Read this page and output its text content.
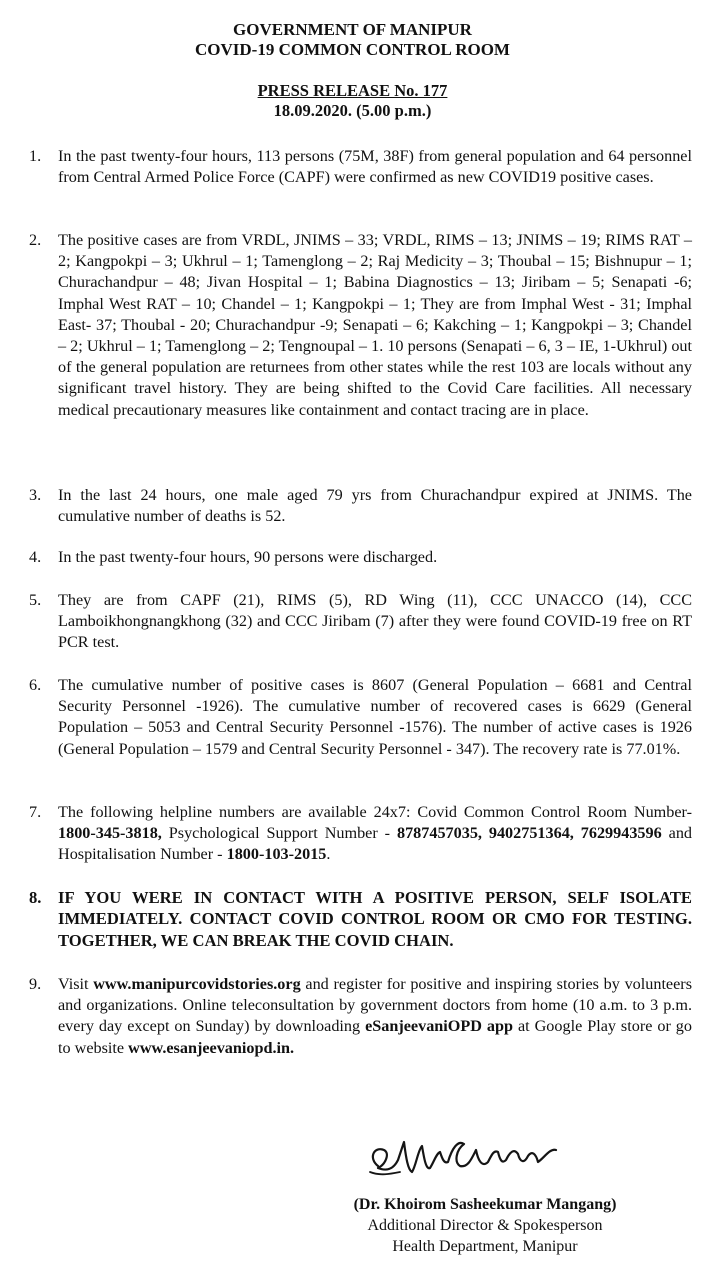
GOVERNMENT OF MANIPUR
COVID-19 COMMON CONTROL ROOM
PRESS RELEASE No. 177
18.09.2020. (5.00 p.m.)
1. In the past twenty-four hours, 113 persons (75M, 38F) from general population and 64 personnel from Central Armed Police Force (CAPF) were confirmed as new COVID19 positive cases.
2. The positive cases are from VRDL, JNIMS – 33; VRDL, RIMS – 13; JNIMS – 19; RIMS RAT – 2; Kangpokpi – 3; Ukhrul – 1; Tamenglong – 2; Raj Medicity – 3; Thoubal – 15; Bishnupur – 1; Churachandpur – 48; Jivan Hospital – 1; Babina Diagnostics – 13; Jiribam – 5; Senapati -6; Imphal West RAT – 10; Chandel – 1; Kangpokpi – 1; They are from Imphal West - 31; Imphal East- 37; Thoubal - 20; Churachandpur -9; Senapati – 6; Kakching – 1; Kangpokpi – 3; Chandel – 2; Ukhrul – 1; Tamenglong – 2; Tengnoupal – 1. 10 persons (Senapati – 6, 3 – IE, 1-Ukhrul) out of the general population are returnees from other states while the rest 103 are locals without any significant travel history. They are being shifted to the Covid Care facilities. All necessary medical precautionary measures like containment and contact tracing are in place.
3. In the last 24 hours, one male aged 79 yrs from Churachandpur expired at JNIMS. The cumulative number of deaths is 52.
4. In the past twenty-four hours, 90 persons were discharged.
5. They are from CAPF (21), RIMS (5), RD Wing (11), CCC UNACCO (14), CCC Lamboikhongnangkhong (32) and CCC Jiribam (7) after they were found COVID-19 free on RT PCR test.
6. The cumulative number of positive cases is 8607 (General Population – 6681 and Central Security Personnel -1926). The cumulative number of recovered cases is 6629 (General Population – 5053 and Central Security Personnel -1576). The number of active cases is 1926 (General Population – 1579 and Central Security Personnel - 347). The recovery rate is 77.01%.
7. The following helpline numbers are available 24x7: Covid Common Control Room Number-1800-345-3818, Psychological Support Number - 8787457035, 9402751364, 7629943596 and Hospitalisation Number - 1800-103-2015.
8. IF YOU WERE IN CONTACT WITH A POSITIVE PERSON, SELF ISOLATE IMMEDIATELY. CONTACT COVID CONTROL ROOM OR CMO FOR TESTING. TOGETHER, WE CAN BREAK THE COVID CHAIN.
9. Visit www.manipurcovidstories.org and register for positive and inspiring stories by volunteers and organizations. Online teleconsultation by government doctors from home (10 a.m. to 3 p.m. every day except on Sunday) by downloading eSanjeevaniOPD app at Google Play store or go to website www.esanjeevaniopd.in.
(Dr. Khoirom Sasheekumar Mangang)
Additional Director & Spokesperson
Health Department, Manipur
